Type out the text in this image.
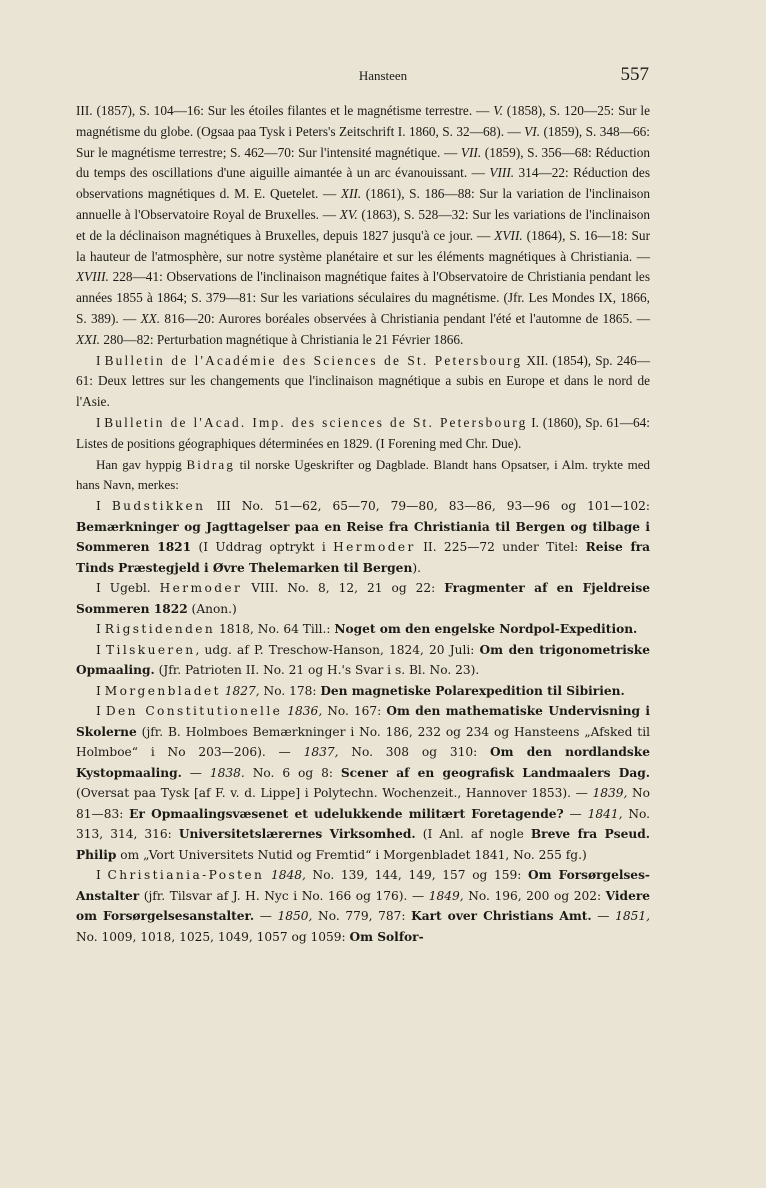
Hansteen	557

III. (1857), S. 104—16: Sur les étoiles filantes et le magnétisme terrestre. — V. (1858), S. 120—25: Sur le magnétisme du globe. (Ogsaa paa Tysk i Peters's Zeitschrift I. 1860, S. 32—68). — VI. (1859), S. 348—66: Sur le magnétisme terrestre; S. 462—70: Sur l'intensité magnétique. — VII. (1859), S. 356—68: Réduction du temps des oscillations d'une aiguille aimantée à un arc évanouissant. — VIII. 314—22: Réduction des observations magnétiques d. M. E. Quetelet. — XII. (1861), S. 186—88: Sur la variation de l'inclinaison annuelle à l'Observatoire Royal de Bruxelles. — XV. (1863), S. 528—32: Sur les variations de l'inclinaison et de la déclinaison magnétiques à Bruxelles, depuis 1827 jusqu'à ce jour. — XVII. (1864), S. 16—18: Sur la hauteur de l'atmosphère, sur notre système planétaire et sur les éléments magnétiques à Christiania. — XVIII. 228—41: Observations de l'inclinaison magnétique faites à l'Observatoire de Christiania pendant les années 1855 à 1864; S. 379—81: Sur les variations séculaires du magnétisme. (Jfr. Les Mondes IX, 1866, S. 389). — XX. 816—20: Aurores boréales observées à Christiania pendant l'été et l'automne de 1865. — XXI. 280—82: Perturbation magnétique à Christiania le 21 Février 1866.

I Bulletin de l'Académie des Sciences de St. Petersbourg XII. (1854), Sp. 246—61: Deux lettres sur les changements que l'inclinaison magnétique a subis en Europe et dans le nord de l'Asie.

I Bulletin de l'Acad. Imp. des sciences de St. Petersbourg I. (1860), Sp. 61—64: Listes de positions géographiques déterminées en 1829. (I Forening med Chr. Due).

Han gav hyppig Bidrag til norske Ugeskrifter og Dagblade. Blandt hans Opsatser, i Alm. trykte med hans Navn, merkes:

I Budstikken III No. 51—62, 65—70, 79—80, 83—86, 93—96 og 101—102: Bemærkninger og Jagttagelser paa en Reise fra Christiania til Bergen og tilbage i Sommeren 1821 (I Uddrag optrykt i Hermoder II. 225—72 under Titel: Reise fra Tinds Præstegjeld i Øvre Thelemarken til Bergen).

I Ugebl. Hermoder VIII. No. 8, 12, 21 og 22: Fragmenter af en Fjeldreise Sommeren 1822 (Anon.)

I Rigstidenden 1818, No. 64 Till.: Noget om den engelske Nordpol-Expedition.

I Tilskueren, udg. af P. Treschow-Hanson, 1824, 20 Juli: Om den trigonometriske Opmaaling. (Jfr. Patrioten II. No. 21 og H.'s Svar i s. Bl. No. 23).

I Morgenbladet 1827, No. 178: Den magnetiske Polarexpedition til Sibirien.

I Den Constitutionelle 1836, No. 167: Om den mathematiske Undervisning i Skolerne (jfr. B. Holmboes Bemærkninger i No. 186, 232 og 234 og Hansteens „Afsked til Holmboe“ i No 203—206). — 1837, No. 308 og 310: Om den nordlandske Kystopmaaling. — 1838. No. 6 og 8: Scener af en geografisk Landmaalers Dag. (Oversat paa Tysk [af F. v. d. Lippe] i Polytechn. Wochenzeit., Hannover 1853). — 1839, No 81—83: Er Opmaalingsvæsenet et udelukkende militært Foretagende? — 1841, No. 313, 314, 316: Universitetslærernes Virksomhed. (I Anl. af nogle Breve fra Pseud. Philip om „Vort Universitets Nutid og Fremtid“ i Morgenbladet 1841, No. 255 fg.)

I Christiania-Posten 1848, No. 139, 144, 149, 157 og 159: Om Forsørgelses-Anstalter (jfr. Tilsvar af J. H. Nyc i No. 166 og 176). — 1849, No. 196, 200 og 202: Videre om Forsørgelsesanstalter. — 1850, No. 779, 787: Kart over Christians Amt. — 1851, No. 1009, 1018, 1025, 1049, 1057 og 1059: Om Solfor-
